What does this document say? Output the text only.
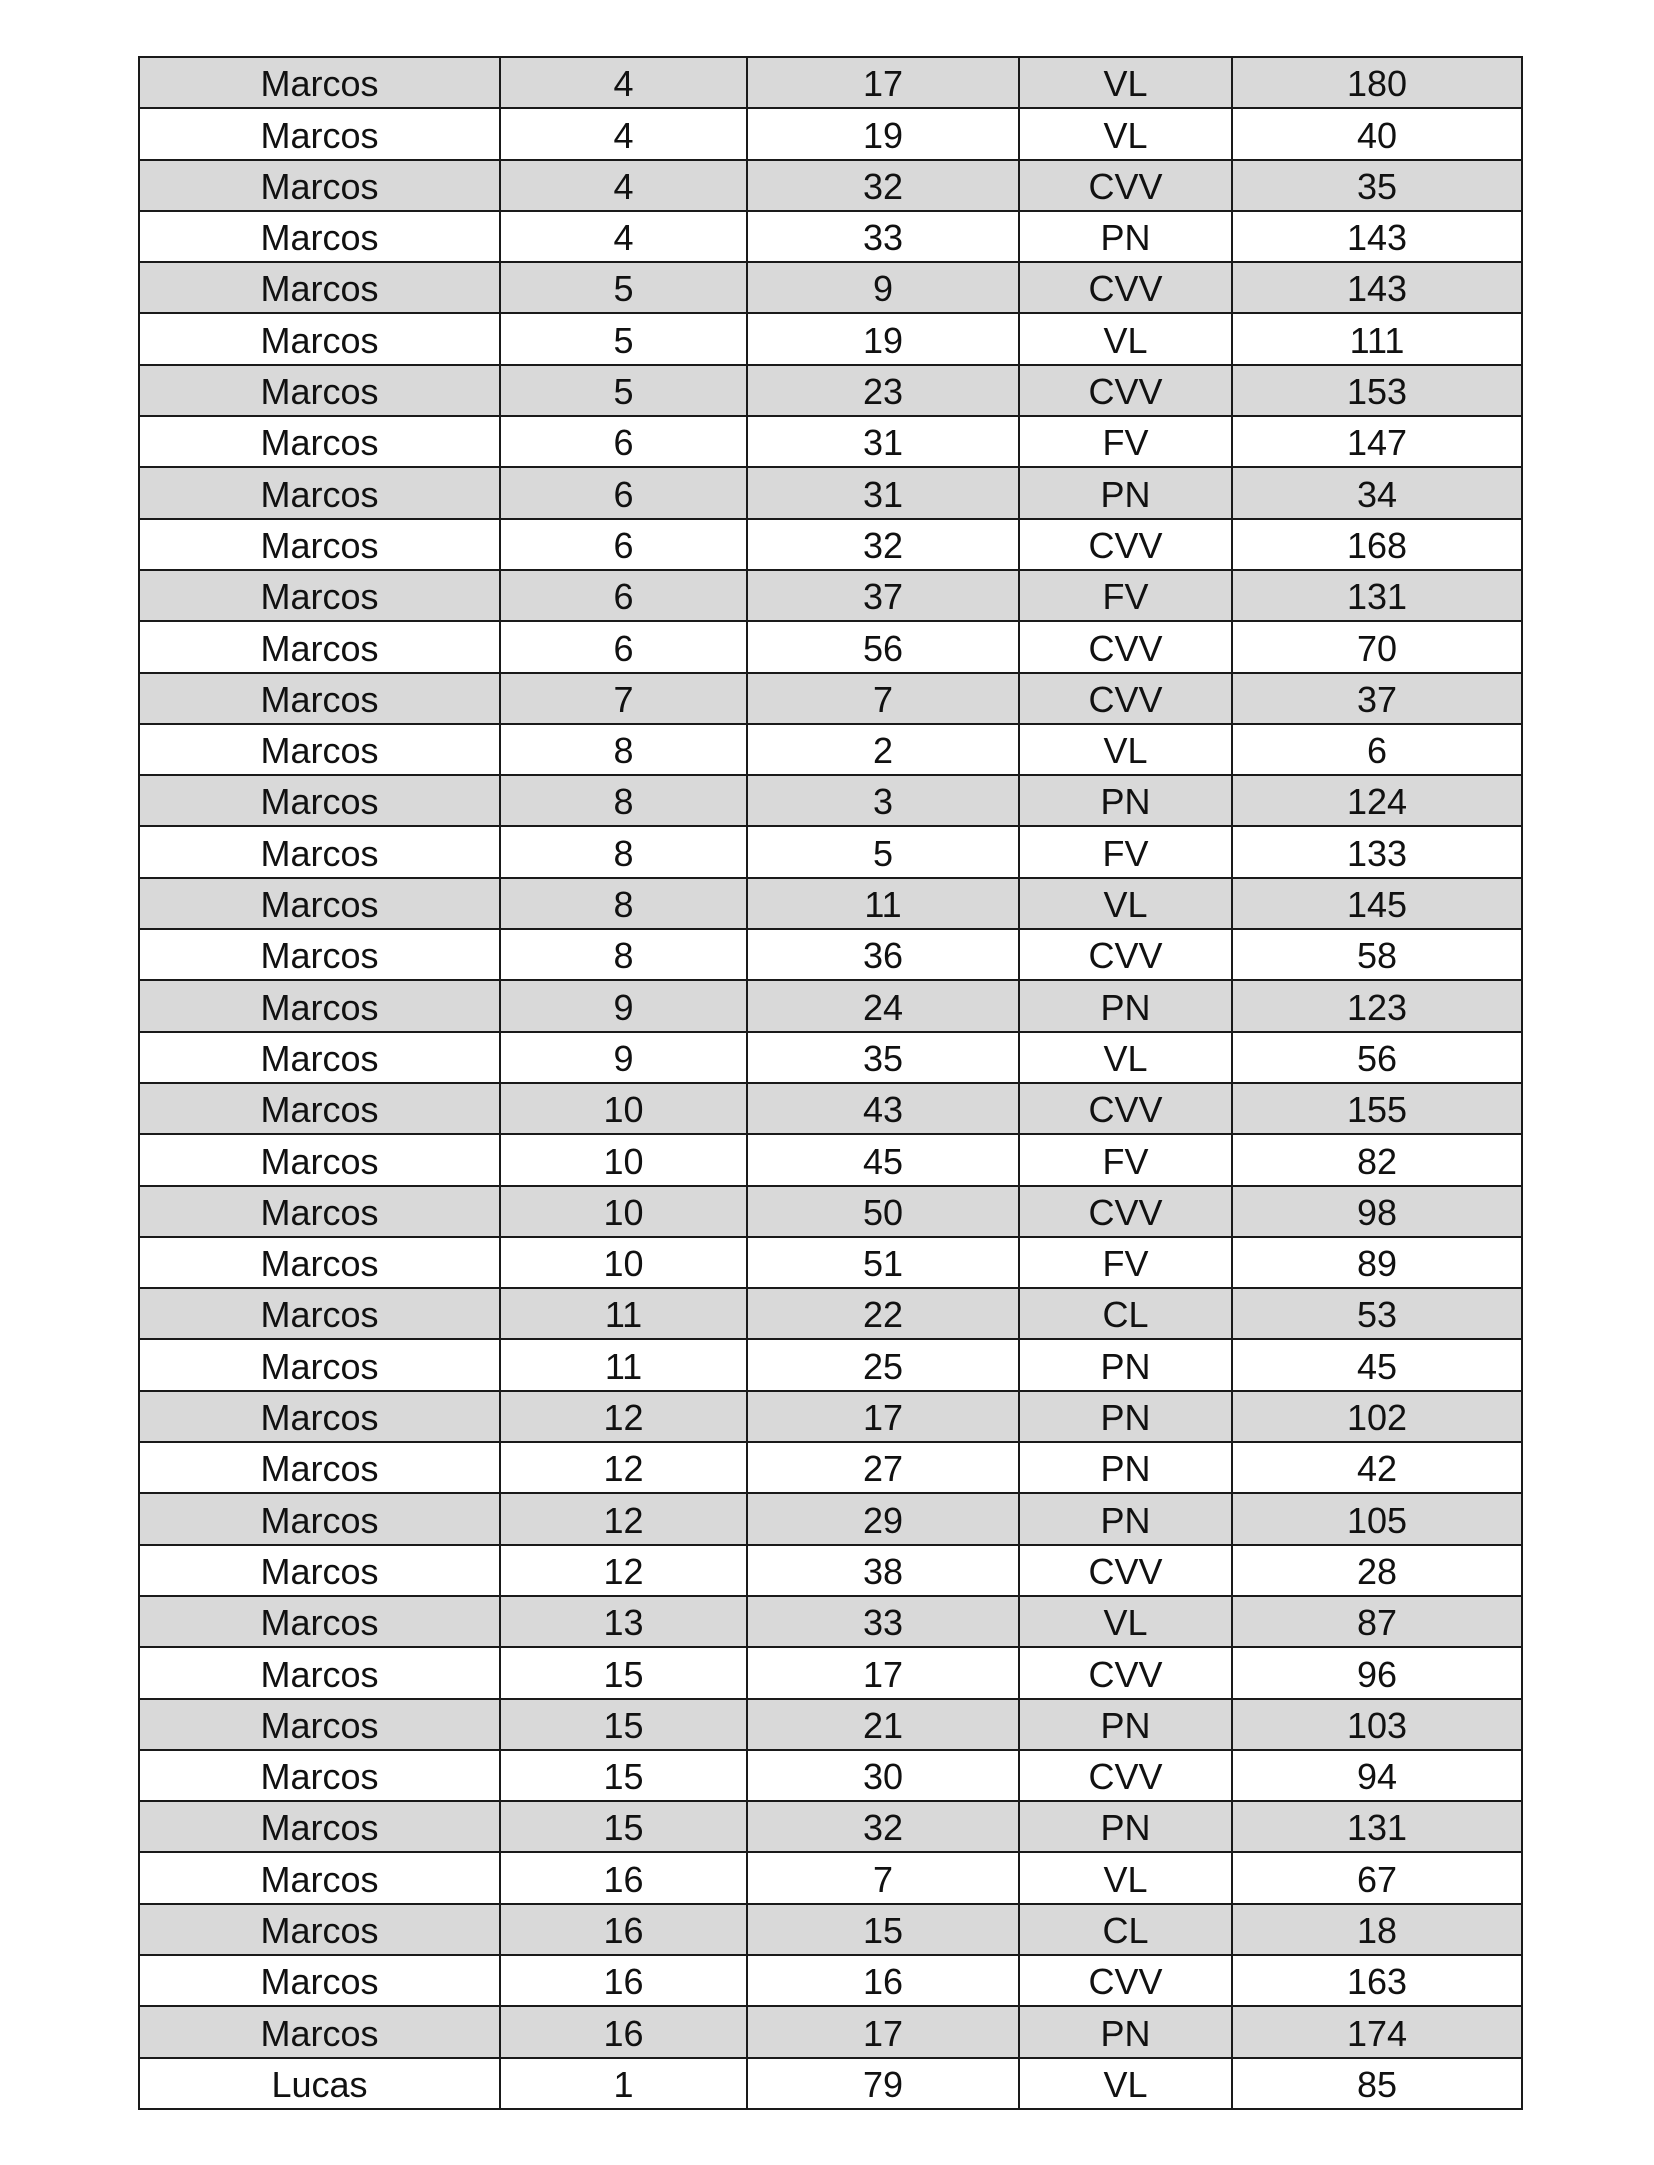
Marcos	4	17	VL	180
Marcos	4	19	VL	40
Marcos	4	32	CVV	35
Marcos	4	33	PN	143
Marcos	5	9	CVV	143
Marcos	5	19	VL	111
Marcos	5	23	CVV	153
Marcos	6	31	FV	147
Marcos	6	31	PN	34
Marcos	6	32	CVV	168
Marcos	6	37	FV	131
Marcos	6	56	CVV	70
Marcos	7	7	CVV	37
Marcos	8	2	VL	6
Marcos	8	3	PN	124
Marcos	8	5	FV	133
Marcos	8	11	VL	145
Marcos	8	36	CVV	58
Marcos	9	24	PN	123
Marcos	9	35	VL	56
Marcos	10	43	CVV	155
Marcos	10	45	FV	82
Marcos	10	50	CVV	98
Marcos	10	51	FV	89
Marcos	11	22	CL	53
Marcos	11	25	PN	45
Marcos	12	17	PN	102
Marcos	12	27	PN	42
Marcos	12	29	PN	105
Marcos	12	38	CVV	28
Marcos	13	33	VL	87
Marcos	15	17	CVV	96
Marcos	15	21	PN	103
Marcos	15	30	CVV	94
Marcos	15	32	PN	131
Marcos	16	7	VL	67
Marcos	16	15	CL	18
Marcos	16	16	CVV	163
Marcos	16	17	PN	174
Lucas	1	79	VL	85
